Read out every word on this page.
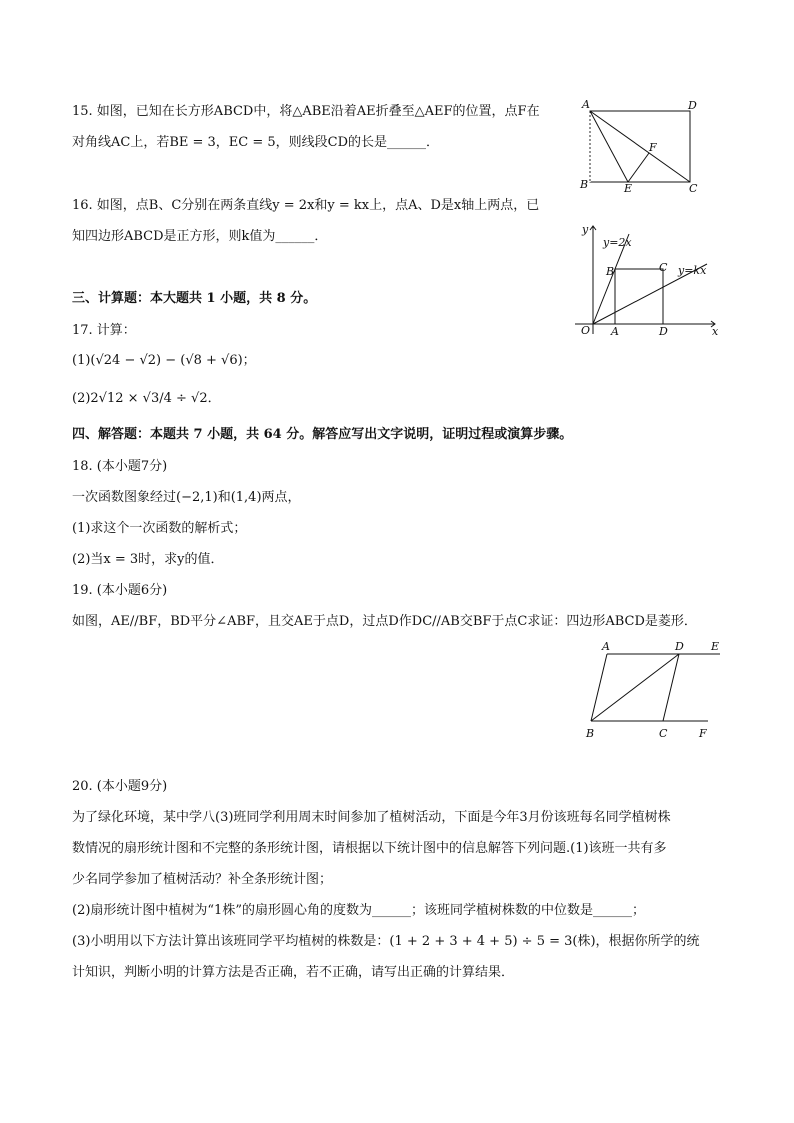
15. 如图，已知在长方形ABCD中，将△ABE沿着AE折叠至△AEF的位置，点F在
对角线AC上，若BE = 3，EC = 5，则线段CD的长是______．
A	D
F
B	E	C
16. 如图，点B、C分别在两条直线y = 2x和y = kx上，点A、D是x轴上两点，已
知四边形ABCD是正方形，则k值为______．	y
x
y=2x
y=kx
B	C
O A	D
三、计算题：本大题共 1 小题，共 8 分。
17. 计算：
(1)(√24 − √2) − (√8 + √6)；
(2)2√12 × √3/4 ÷ √2．
四、解答题：本题共 7 小题，共 64 分。解答应写出文字说明，证明过程或演算步骤。
18. (本小题7分)
一次函数图象经过(−2,1)和(1,4)两点，
(1)求这个一次函数的解析式；
(2)当x = 3时，求y的值．
19. (本小题6分)
如图，AE//BF，BD平分∠ABF，且交AE于点D，过点D作DC//AB交BF于点C求证：四边形ABCD是菱形．
A	D E
B	C	F
20. (本小题9分)
为了绿化环境，某中学八(3)班同学利用周末时间参加了植树活动，下面是今年3月份该班每名同学植树株
数情况的扇形统计图和不完整的条形统计图，请根据以下统计图中的信息解答下列问题.(1)该班一共有多
少名同学参加了植树活动？补全条形统计图；
(2)扇形统计图中植树为“1株”的扇形圆心角的度数为______；该班同学植树株数的中位数是______；
(3)小明用以下方法计算出该班同学平均植树的株数是：(1 + 2 + 3 + 4 + 5) ÷ 5 = 3(株)，根据你所学的统
计知识，判断小明的计算方法是否正确，若不正确，请写出正确的计算结果．
